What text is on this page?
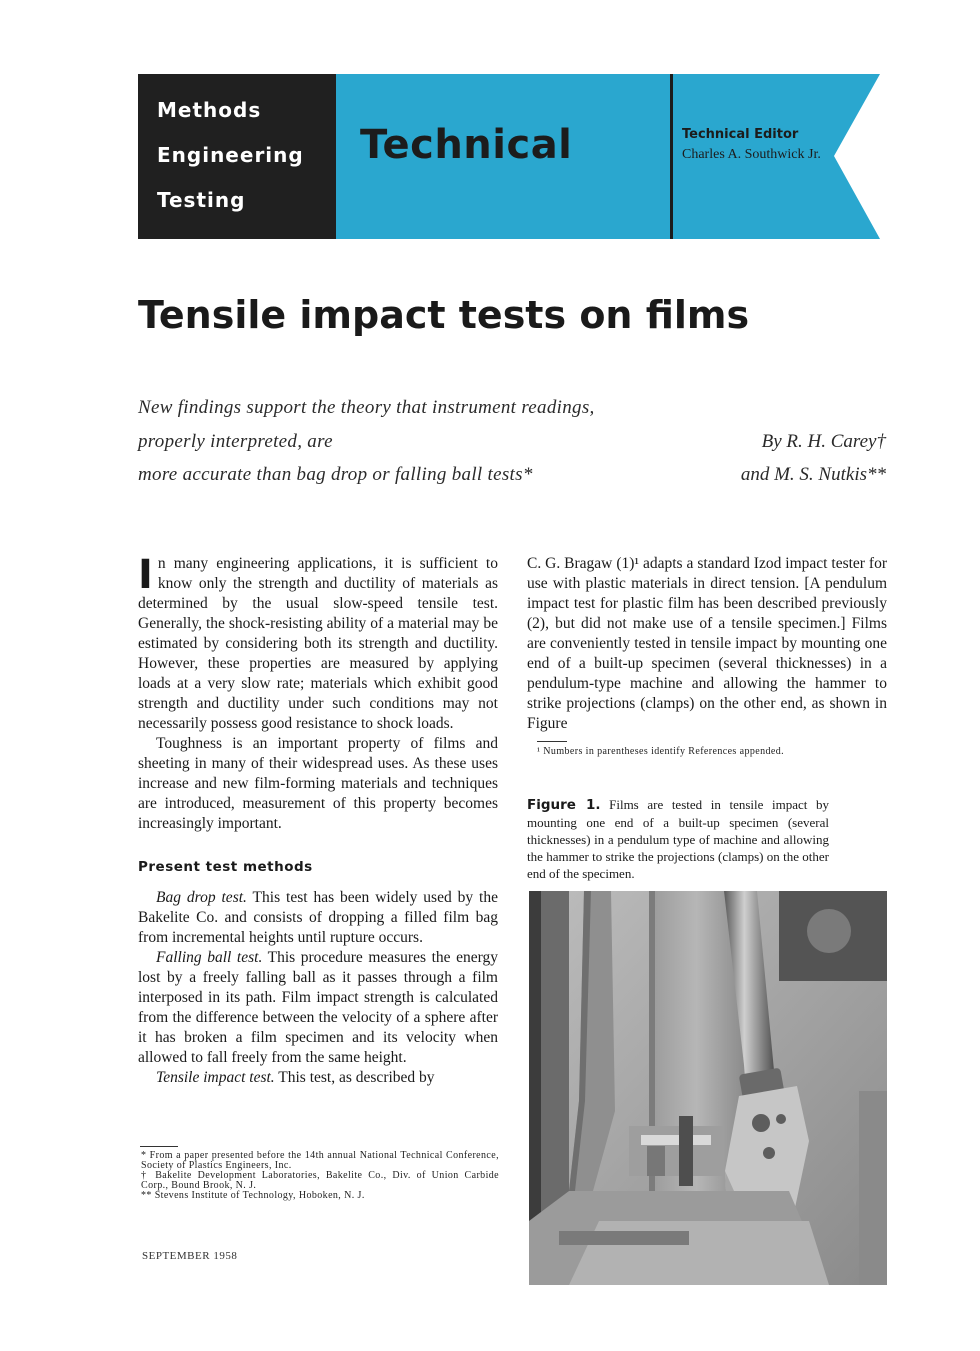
Methods
Engineering
Testing
Technical	Technical Editor
Charles A. Southwick Jr.
Tensile impact tests on films
New findings support the theory that instrument readings,
properly interpreted, are
more accurate than bag drop or falling ball tests*
By R. H. Carey†
and M. S. Nutkis**

In many engineering applications, it is sufficient to know only the strength and ductility of materials as determined by the usual slow-speed tensile test. Generally, the shock-resisting ability of a material may be estimated by considering both its strength and ductility. However, these properties are measured by applying loads at a very slow rate; materials which exhibit good strength and ductility under such conditions may not necessarily possess good resistance to shock loads.

Toughness is an important property of films and sheeting in many of their widespread uses. As these uses increase and new film-forming materials and techniques are introduced, measurement of this property becomes increasingly important.

Present test methods

Bag drop test. This test has been widely used by the Bakelite Co. and consists of dropping a filled film bag from incremental heights until rupture occurs.

Falling ball test. This procedure measures the energy lost by a freely falling ball as it passes through a film interposed in its path. Film impact strength is calculated from the difference between the velocity of a sphere after it has broken a film specimen and its velocity when allowed to fall freely from the same height.

Tensile impact test. This test, as described by

* From a paper presented before the 14th annual National Technical Conference, Society of Plastics Engineers, Inc.
† Bakelite Development Laboratories, Bakelite Co., Div. of Union Carbide Corp., Bound Brook, N. J.
** Stevens Institute of Technology, Hoboken, N. J.
SEPTEMBER 1958

C. G. Bragaw (1)¹ adapts a standard Izod impact tester for use with plastic materials in direct tension. [A pendulum impact test for plastic film has been described previously (2), but did not make use of a tensile specimen.] Films are conveniently tested in tensile impact by mounting one end of a built-up specimen (several thicknesses) in a pendulum-type machine and allowing the hammer to strike projections (clamps) on the other end, as shown in Figure

¹ Numbers in parentheses identify References appended.
Figure 1. Films are tested in tensile impact by mounting one end of a built-up specimen (several thicknesses) in a pendulum type of machine and allowing the hammer to strike the projections (clamps) on the other end of the specimen.
